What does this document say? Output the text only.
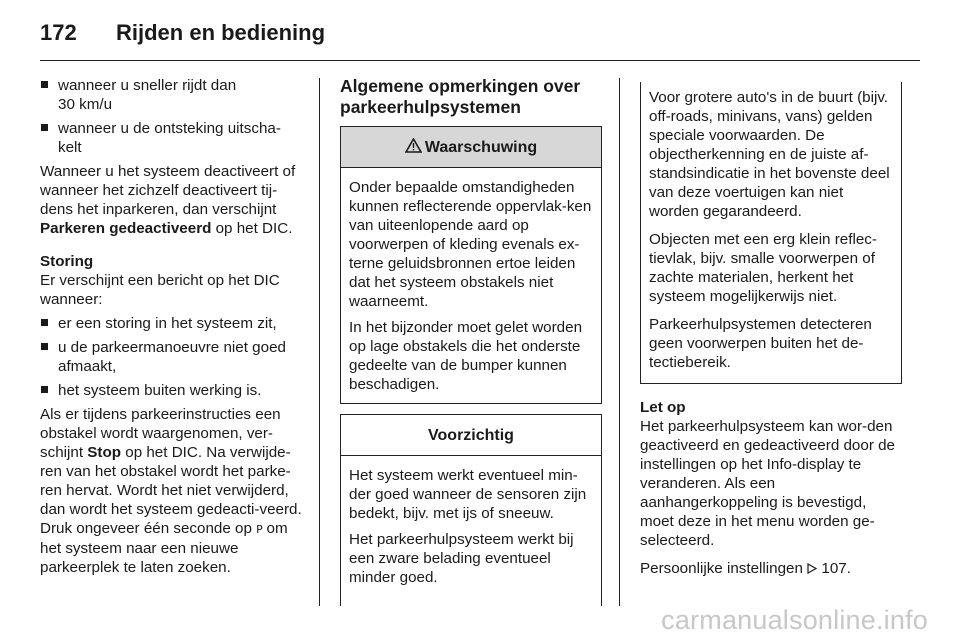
172	Rijden en bediening
wanneer u sneller rijdt dan
30 km/u
wanneer u de ontsteking uitscha-
kelt

Wanneer u het systeem deactiveert of wanneer het zichzelf deactiveert tij-dens het inparkeren, dan verschijnt Parkeren gedeactiveerd op het DIC.

Storing

Er verschijnt een bericht op het DIC wanneer:

er een storing in het systeem zit,
u de parkeermanoeuvre niet goed
afmaakt,
het systeem buiten werking is.

Als er tijdens parkeerinstructies een obstakel wordt waargenomen, ver-schijnt Stop op het DIC. Na verwijde-ren van het obstakel wordt het parke-ren hervat. Wordt het niet verwijderd, dan wordt het systeem gedeacti-veerd. Druk ongeveer één seconde op P om het systeem naar een nieuwe parkeerplek te laten zoeken.

Algemene opmerkingen over parkeerhulpsystemen
Waarschuwing

Onder bepaalde omstandigheden kunnen reflecterende oppervlak-ken van uiteenlopende aard op voorwerpen of kleding evenals ex-terne geluidsbronnen ertoe leiden dat het systeem obstakels niet waarneemt.

In het bijzonder moet gelet worden op lage obstakels die het onderste gedeelte van de bumper kunnen beschadigen.

Voorzichtig

Het systeem werkt eventueel min-der goed wanneer de sensoren zijn bedekt, bijv. met ijs of sneeuw.

Het parkeerhulpsysteem werkt bij een zware belading eventueel minder goed.

Voor grotere auto's in de buurt (bijv. off-roads, minivans, vans) gelden speciale voorwaarden. De objectherkenning en de juiste af-standsindicatie in het bovenste deel van deze voertuigen kan niet worden gegarandeerd.

Objecten met een erg klein reflec-tievlak, bijv. smalle voorwerpen of zachte materialen, herkent het systeem mogelijkerwijs niet.

Parkeerhulpsystemen detecteren geen voorwerpen buiten het de-tectiebereik.

Let op

Het parkeerhulpsysteem kan wor-den geactiveerd en gedeactiveerd door de instellingen op het Info-display te veranderen. Als een aanhangerkoppeling is bevestigd, moet deze in het menu worden ge-selecteerd.

Persoonlijke instellingen  107.

carmanualsonline.info
